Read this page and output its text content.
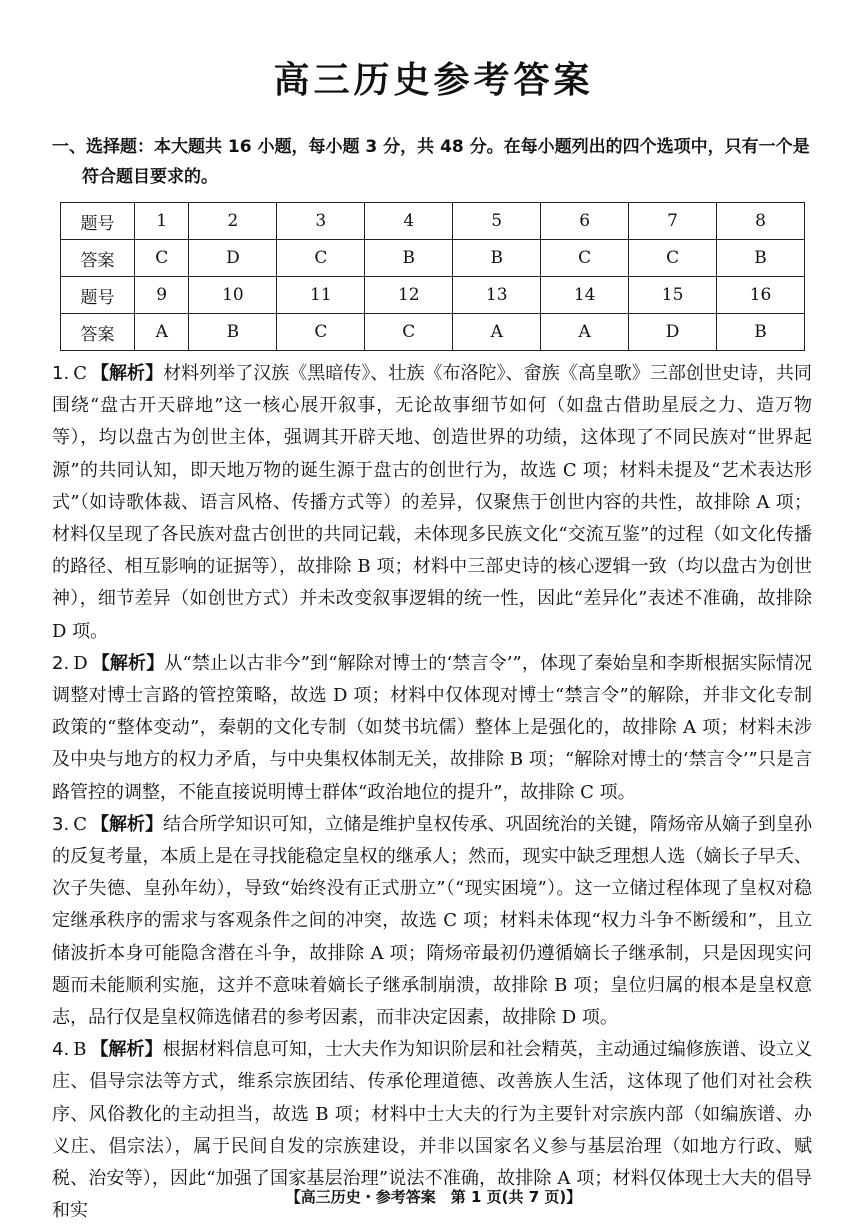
高三历史参考答案
一、选择题：本大题共 16 小题，每小题 3 分，共 48 分。在每小题列出的四个选项中，只有一个是
符合题目要求的。
题号	1	2	3	4	5	6	7	8
答案	C	D	C	B	B	C	C	B
题号	9	10	11	12	13	14	15	16
答案	A	B	C	C	A	A	D	B
1. C 【解析】材料列举了汉族《黑暗传》、壮族《布洛陀》、畲族《高皇歌》三部创世史诗，共同围绕“盘古开天辟地”这一核心展开叙事，无论故事细节如何（如盘古借助星辰之力、造万物等），均以盘古为创世主体，强调其开辟天地、创造世界的功绩，这体现了不同民族对“世界起源”的共同认知，即天地万物的诞生源于盘古的创世行为，故选 C 项；材料未提及“艺术表达形式”（如诗歌体裁、语言风格、传播方式等）的差异，仅聚焦于创世内容的共性，故排除 A 项；材料仅呈现了各民族对盘古创世的共同记载，未体现多民族文化“交流互鉴”的过程（如文化传播的路径、相互影响的证据等），故排除 B 项；材料中三部史诗的核心逻辑一致（均以盘古为创世神），细节差异（如创世方式）并未改变叙事逻辑的统一性，因此“差异化”表述不准确，故排除 D 项。
2. D 【解析】从“禁止以古非今”到“解除对博士的‘禁言令’”，体现了秦始皇和李斯根据实际情况调整对博士言路的管控策略，故选 D 项；材料中仅体现对博士“禁言令”的解除，并非文化专制政策的“整体变动”，秦朝的文化专制（如焚书坑儒）整体上是强化的，故排除 A 项；材料未涉及中央与地方的权力矛盾，与中央集权体制无关，故排除 B 项；“解除对博士的‘禁言令’”只是言路管控的调整，不能直接说明博士群体“政治地位的提升”，故排除 C 项。
3. C 【解析】结合所学知识可知，立储是维护皇权传承、巩固统治的关键，隋炀帝从嫡子到皇孙的反复考量，本质上是在寻找能稳定皇权的继承人；然而，现实中缺乏理想人选（嫡长子早夭、次子失德、皇孙年幼），导致“始终没有正式册立”（“现实困境”）。这一立储过程体现了皇权对稳定继承秩序的需求与客观条件之间的冲突，故选 C 项；材料未体现“权力斗争不断缓和”，且立储波折本身可能隐含潜在斗争，故排除 A 项；隋炀帝最初仍遵循嫡长子继承制，只是因现实问题而未能顺利实施，这并不意味着嫡长子继承制崩溃，故排除 B 项；皇位归属的根本是皇权意志，品行仅是皇权筛选储君的参考因素，而非决定因素，故排除 D 项。
4. B 【解析】根据材料信息可知，士大夫作为知识阶层和社会精英，主动通过编修族谱、设立义庄、倡导宗法等方式，维系宗族团结、传承伦理道德、改善族人生活，这体现了他们对社会秩序、风俗教化的主动担当，故选 B 项；材料中士大夫的行为主要针对宗族内部（如编族谱、办义庄、倡宗法），属于民间自发的宗族建设，并非以国家名义参与基层治理（如地方行政、赋税、治安等），因此“加强了国家基层治理”说法不准确，故排除 A 项；材料仅体现士大夫的倡导和实
【高三历史・参考答案　第 1 页(共 7 页)】
